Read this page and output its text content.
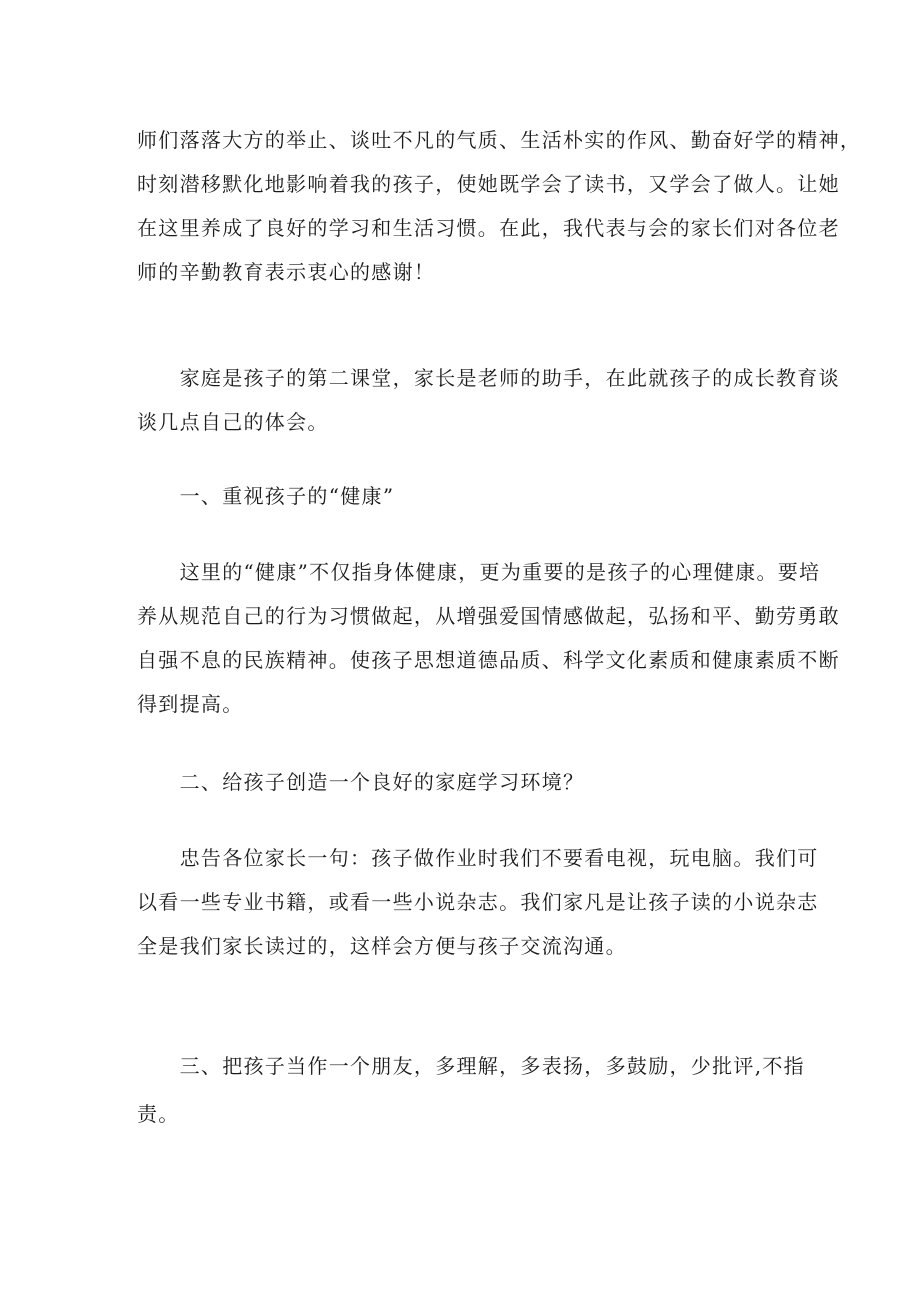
师们落落大方的举止、谈吐不凡的气质、生活朴实的作风、勤奋好学的精神，
时刻潜移默化地影响着我的孩子，使她既学会了读书，又学会了做人。让她
在这里养成了良好的学习和生活习惯。在此，我代表与会的家长们对各位老
师的辛勤教育表示衷心的感谢！
　　家庭是孩子的第二课堂，家长是老师的助手，在此就孩子的成长教育谈
谈几点自己的体会。
　　一、重视孩子的“健康”
　　这里的“健康”不仅指身体健康，更为重要的是孩子的心理健康。要培
养从规范自己的行为习惯做起，从增强爱国情感做起，弘扬和平、勤劳勇敢
自强不息的民族精神。使孩子思想道德品质、科学文化素质和健康素质不断
得到提高。
　　二、给孩子创造一个良好的家庭学习环境？
　　忠告各位家长一句：孩子做作业时我们不要看电视，玩电脑。我们可
以看一些专业书籍，或看一些小说杂志。我们家凡是让孩子读的小说杂志
全是我们家长读过的，这样会方便与孩子交流沟通。
　　三、把孩子当作一个朋友，多理解，多表扬，多鼓励，少批评,不指
责。
